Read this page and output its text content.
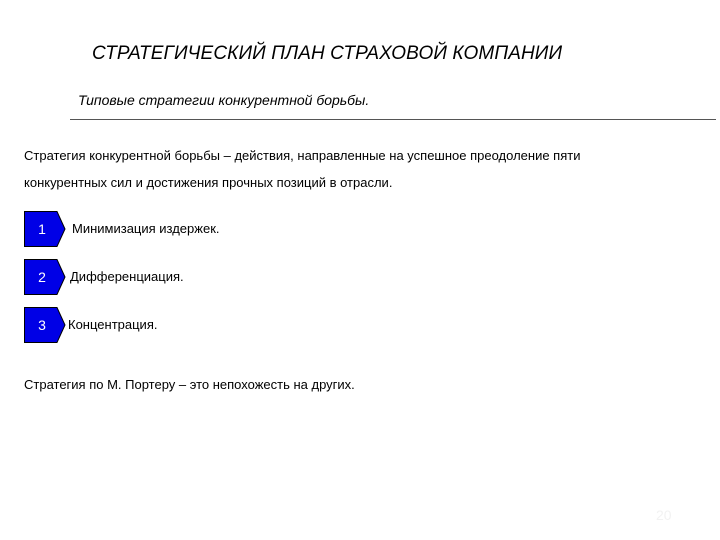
СТРАТЕГИЧЕСКИЙ ПЛАН СТРАХОВОЙ КОМПАНИИ
Типовые стратегии конкурентной борьбы.
Стратегия конкурентной борьбы – действия, направленные на успешное преодоление пяти
конкурентных сил и достижения прочных позиций в отрасли.
1	Минимизация издержек.
2	Дифференциация.
3	Концентрация.
Стратегия по М. Портеру – это непохожесть на других.
20
